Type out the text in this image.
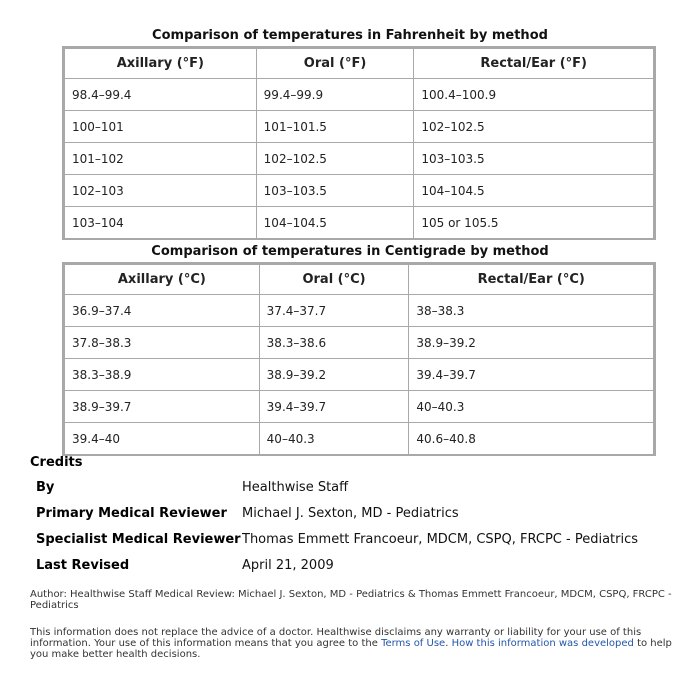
Comparison of temperatures in Fahrenheit by method
Axillary (°F)	Oral (°F)	Rectal/Ear (°F)
98.4–99.4	99.4–99.9	100.4–100.9
100–101	101–101.5	102–102.5
101–102	102–102.5	103–103.5
102–103	103–103.5	104–104.5
103–104	104–104.5	105 or 105.5
Comparison of temperatures in Centigrade by method
Axillary (°C)	Oral (°C)	Rectal/Ear (°C)
36.9–37.4	37.4–37.7	38–38.3
37.8–38.3	38.3–38.6	38.9–39.2
38.3–38.9	38.9–39.2	39.4–39.7
38.9–39.7	39.4–39.7	40–40.3
39.4–40	40–40.3	40.6–40.8
Credits
By	Healthwise Staff
Primary Medical Reviewer	Michael J. Sexton, MD - Pediatrics
Specialist Medical Reviewer	Thomas Emmett Francoeur, MDCM, CSPQ, FRCPC - Pediatrics
Last Revised	April 21, 2009
Author: Healthwise Staff Medical Review: Michael J. Sexton, MD - Pediatrics & Thomas Emmett Francoeur, MDCM, CSPQ, FRCPC - Pediatrics
This information does not replace the advice of a doctor. Healthwise disclaims any warranty or liability for your use of this information. Your use of this information means that you agree to the Terms of Use. How this information was developed to help you make better health decisions.
